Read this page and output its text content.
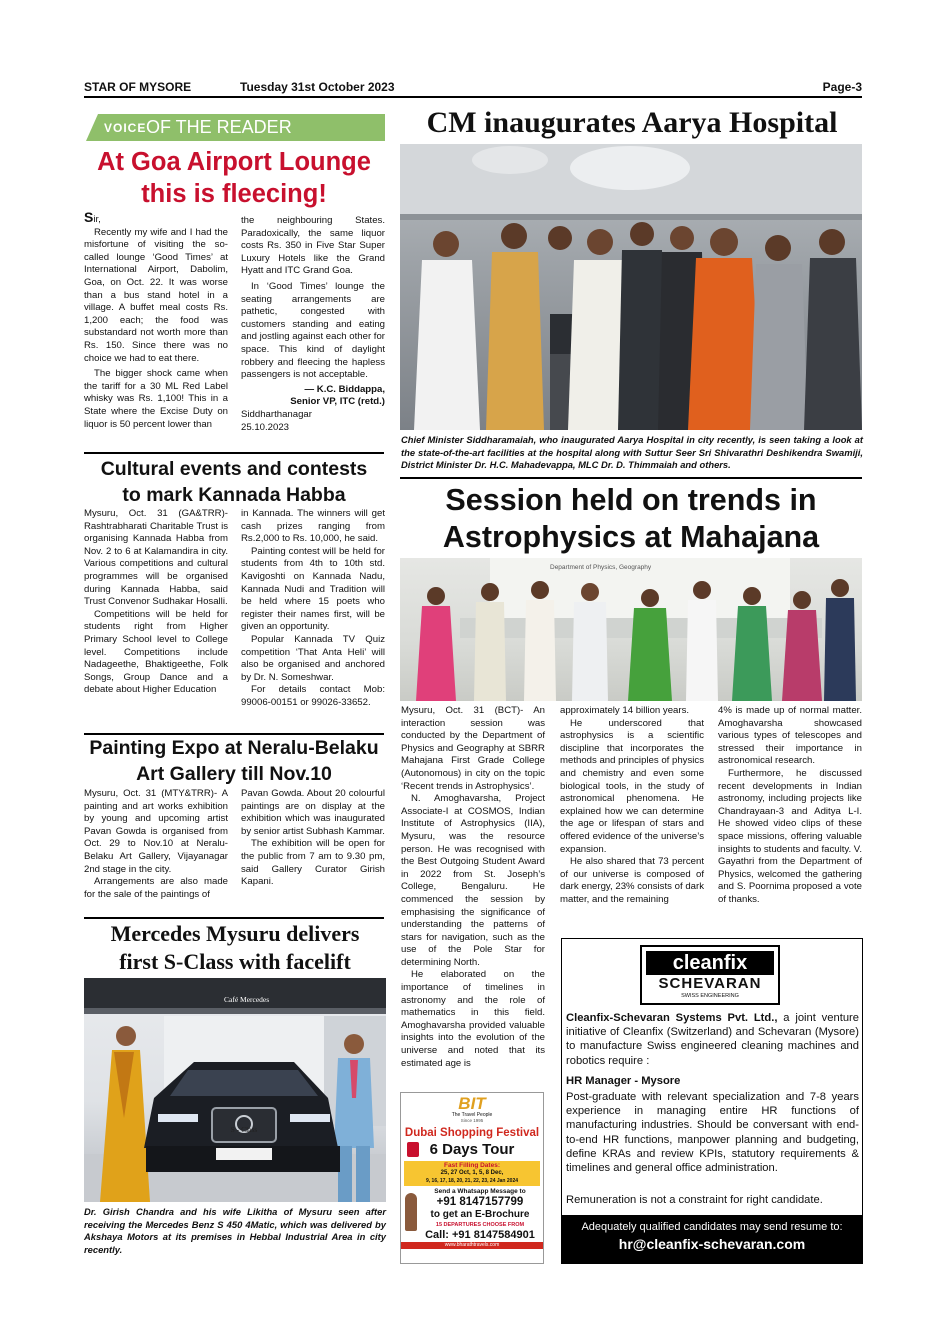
STAR OF MYSORE	Tuesday 31st October 2023	Page-3
VOICE OF THE READER
At Goa Airport Lounge
this is fleecing!

Sir,

Recently my wife and I had the misfortune of visiting the so-called lounge ‘Good Times’ at International Airport, Dabolim, Goa, on Oct. 22. It was worse than a bus stand hotel in a village. A buffet meal costs Rs. 1,200 each; the food was substandard not worth more than Rs. 150. Since there was no choice we had to eat there.

The bigger shock came when the tariff for a 30 ML Red Label whisky was Rs. 1,100! This in a State where the Excise Duty on liquor is 50 percent lower than

the neighbouring States. Paradoxically, the same liquor costs Rs. 350 in Five Star Super Luxury Hotels like the Grand Hyatt and ITC Grand Goa.

In ‘Good Times’ lounge the seating arrangements are pathetic, congested with customers standing and eating and jostling against each other for space. This kind of daylight robbery and fleecing the hapless passengers is not acceptable.

— K.C. Biddappa,
Senior VP, ITC (retd.)
Siddharthanagar
25.10.2023
Cultural events and contests
to mark Kannada Habba

Mysuru, Oct. 31 (GA&TRR)- Rashtrabharati Charitable Trust is organising Kannada Habba from Nov. 2 to 6 at Kalamandira in city. Various competitions and cultural programmes will be organised during Kannada Habba, said Trust Convenor Sudhakar Hosalli.

Competitions will be held for students right from Higher Primary School level to College level. Competitions include Nadageethe, Bhaktigeethe, Folk Songs, Group Dance and a debate about Higher Education

in Kannada. The winners will get cash prizes ranging from Rs.2,000 to Rs. 10,000, he said.

Painting contest will be held for students from 4th to 10th std. Kavigoshti on Kannada Nadu, Kannada Nudi and Tradition will be held where 15 poets who register their names first, will be given an opportunity.

Popular Kannada TV Quiz competition ‘That Anta Heli’ will also be organised and anchored by Dr. N. Someshwar.

For details contact Mob: 99006-00151 or 99026-33652.

Painting Expo at Neralu-Belaku
Art Gallery till Nov.10

Mysuru, Oct. 31 (MTY&TRR)- A painting and art works exhibition by young and upcoming artist Pavan Gowda is organised from Oct. 29 to Nov.10 at Neralu-Belaku Art Gallery, Vijayanagar 2nd stage in the city.

Arrangements are also made for the sale of the paintings of

Pavan Gowda. About 20 colourful paintings are on display at the exhibition which was inaugurated by senior artist Subhash Kammar.

The exhibition will be open for the public from 7 am to 9.30 pm, said Gallery Curator Girish Kapani.

Mercedes Mysuru delivers
first S-Class with facelift
Café Mercedes
S - Class
Dr. Girish Chandra and his wife Likitha of Mysuru seen after receiving the Mercedes Benz S 450 4Matic, which was delivered by Akshaya Motors at its premises in Hebbal Industrial Area in city recently.
CM inaugurates Aarya Hospital
Chief Minister Siddharamaiah, who inaugurated Aarya Hospital in city recently, is seen taking a look at the state-of-the-art facilities at the hospital along with Suttur Seer Sri Shivarathri Deshikendra Swamiji, District Minister Dr. H.C. Mahadevappa, MLC Dr. D. Thimmaiah and others.
Session held on trends in
Astrophysics at Mahajana
Department of Physics, Geography

Mysuru, Oct. 31 (BCT)- An interaction session was conducted by the Department of Physics and Geography at SBRR Mahajana First Grade College (Autonomous) in city on the topic ‘Recent trends in Astrophysics’.

N. Amoghavarsha, Project Associate-I at COSMOS, Indian Institute of Astrophysics (IIA), Mysuru, was the resource person. He was recognised with the Best Outgoing Student Award in 2022 from St. Joseph’s College, Bengaluru. He commenced the session by emphasising the significance of understanding the patterns of stars for navigation, such as the use of the Pole Star for determining North.

He elaborated on the importance of timelines in astronomy and the role of mathematics in this field. Amoghavarsha provided valuable insights into the evolution of the universe and noted that its estimated age is

approximately 14 billion years.

He underscored that astrophysics is a scientific discipline that incorporates the methods and principles of physics and chemistry and even some biological tools, in the study of astronomical phenomena. He explained how we can determine the age or lifespan of stars and offered evidence of the universe’s expansion.

He also shared that 73 percent of our universe is composed of dark energy, 23% consists of dark matter, and the remaining

4% is made up of normal matter. Amoghavarsha showcased various types of telescopes and stressed their importance in astronomical research.

Furthermore, he discussed recent developments in Indian astronomy, including projects like Chandrayaan-3 and Aditya L-I. He showed video clips of these space missions, offering valuable insights to students and faculty. V. Gayathri from the Department of Physics, welcomed the gathering and S. Poornima proposed a vote of thanks.

BIT
The Travel People
Since 1995
Dubai Shopping Festival
6 Days Tour
Fast Filling Dates:
25, 27 Oct, 1, 5, 8 Dec,
9, 16, 17, 18, 20, 21, 22, 23, 24 Jan 2024
Send a Whatsapp Message to
+91 8147157799
to get an E-Brochure
15 DEPARTURES CHOOSE FROM
Call: +91 8147584901
www.bharathtravels.com
cleanfix
SCHEVARAN
SWISS ENGINEERING
Cleanfix-Schevaran Systems Pvt. Ltd., a joint venture initiative of Cleanfix (Switzerland) and Schevaran (Mysore) to manufacture Swiss engineered cleaning machines and robotics require :
HR Manager - Mysore
Post-graduate with relevant specialization and 7-8 years experience in managing entire HR functions of manufacturing industries. Should be conversant with end-to-end HR functions, manpower planning and budgeting, define KRAs and review KPIs, statutory requirements & timelines and general office administration.
Remuneration is not a constraint for right candidate.
Adequately qualified candidates may send resume to:
hr@cleanfix-schevaran.com
